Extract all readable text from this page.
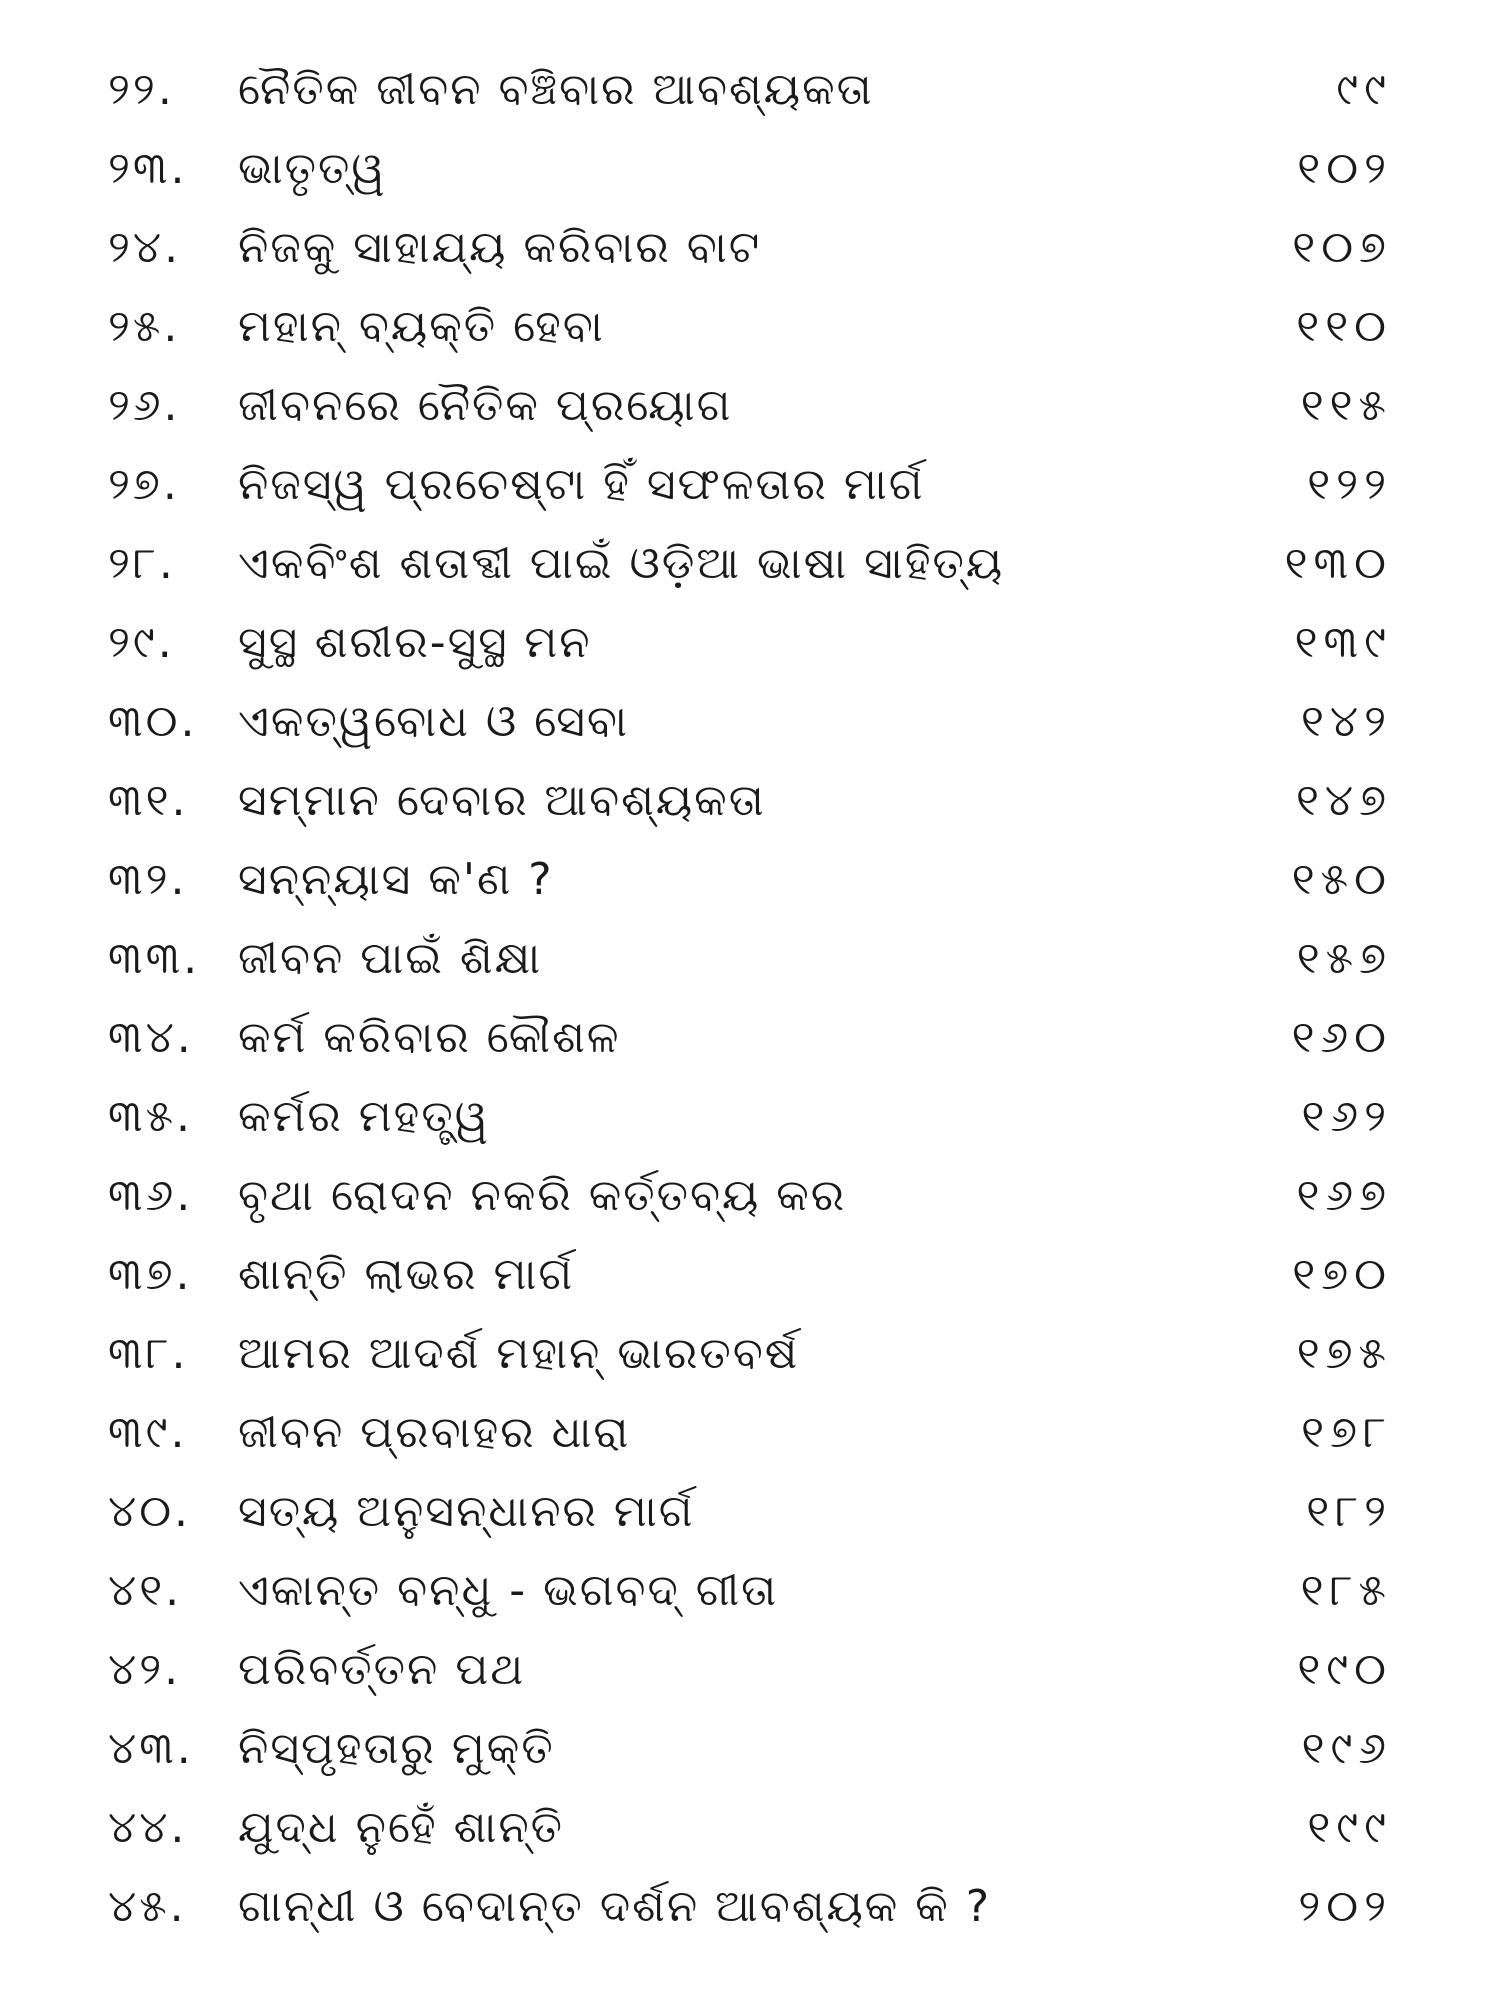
୨୨.	ନୈତିକ ଜୀବନ ବଞ୍ଚିବାର ଆବଶ୍ୟକତା	୯୯
୨୩.	ଭାତୃତ୍ୱ	୧୦୨
୨୪.	ନିଜକୁ ସାହାଯ୍ୟ କରିବାର ବାଟ	୧୦୭
୨୫.	ମହାନ୍ ବ୍ୟକ୍ତି ହେବା	୧୧୦
୨୬.	ଜୀବନରେ ନୈତିକ ପ୍ରୟୋଗ	୧୧୫
୨୭.	ନିଜସ୍ୱ ପ୍ରଚେଷ୍ଟା ହିଁ ସଫଳତାର ମାର୍ଗ	୧୨୨
୨୮.	ଏକବିଂଶ ଶତାବ୍ଦୀ ପାଇଁ ଓଡ଼ିଆ ଭାଷା ସାହିତ୍ୟ	୧୩୦
୨୯.	ସୁସ୍ଥ ଶରୀର-ସୁସ୍ଥ ମନ	୧୩୯
୩୦. ଏକତ୍ୱବୋଧ ଓ ସେବା	୧୪୨
୩୧.	ସମ୍ମାନ ଦେବାର ଆବଶ୍ୟକତା	୧୪୭
୩୨.	ସନ୍ନ୍ୟାସ କ'ଣ ?	୧୫୦
୩୩. ଜୀବନ ପାଇଁ ଶିକ୍ଷା	୧୫୭
୩୪.	କର୍ମ କରିବାର କୌଶଳ	୧୬୦
୩୫.	କର୍ମର ମହତ୍ତ୍ୱ	୧୬୨
୩୬.	ବୃଥା ରୋଦନ ନକରି କର୍ତ୍ତବ୍ୟ କର	୧୬୭
୩୭.	ଶାନ୍ତି ଲାଭର ମାର୍ଗ	୧୭୦
୩୮.	ଆମର ଆଦର୍ଶ ମହାନ୍ ଭାରତବର୍ଷ	୧୭୫
୩୯.	ଜୀବନ ପ୍ରବାହର ଧାରା	୧୭୮
୪୦.	ସତ୍ୟ ଅନୁସନ୍ଧାନର ମାର୍ଗ	୧୮୨
୪୧.	ଏକାନ୍ତ ବନ୍ଧୁ - ଭଗବଦ୍ ଗୀତା	୧୮୫
୪୨.	ପରିବର୍ତ୍ତନ ପଥ	୧୯୦
୪୩.	ନିସ୍ପୃହତାରୁ ମୁକ୍ତି	୧୯୬
୪୪.	ଯୁଦ୍ଧ ନୁହେଁ ଶାନ୍ତି	୧୯୯
୪୫.	ଗାନ୍ଧୀ ଓ ବେଦାନ୍ତ ଦର୍ଶନ ଆବଶ୍ୟକ କି ?	୨୦୨
